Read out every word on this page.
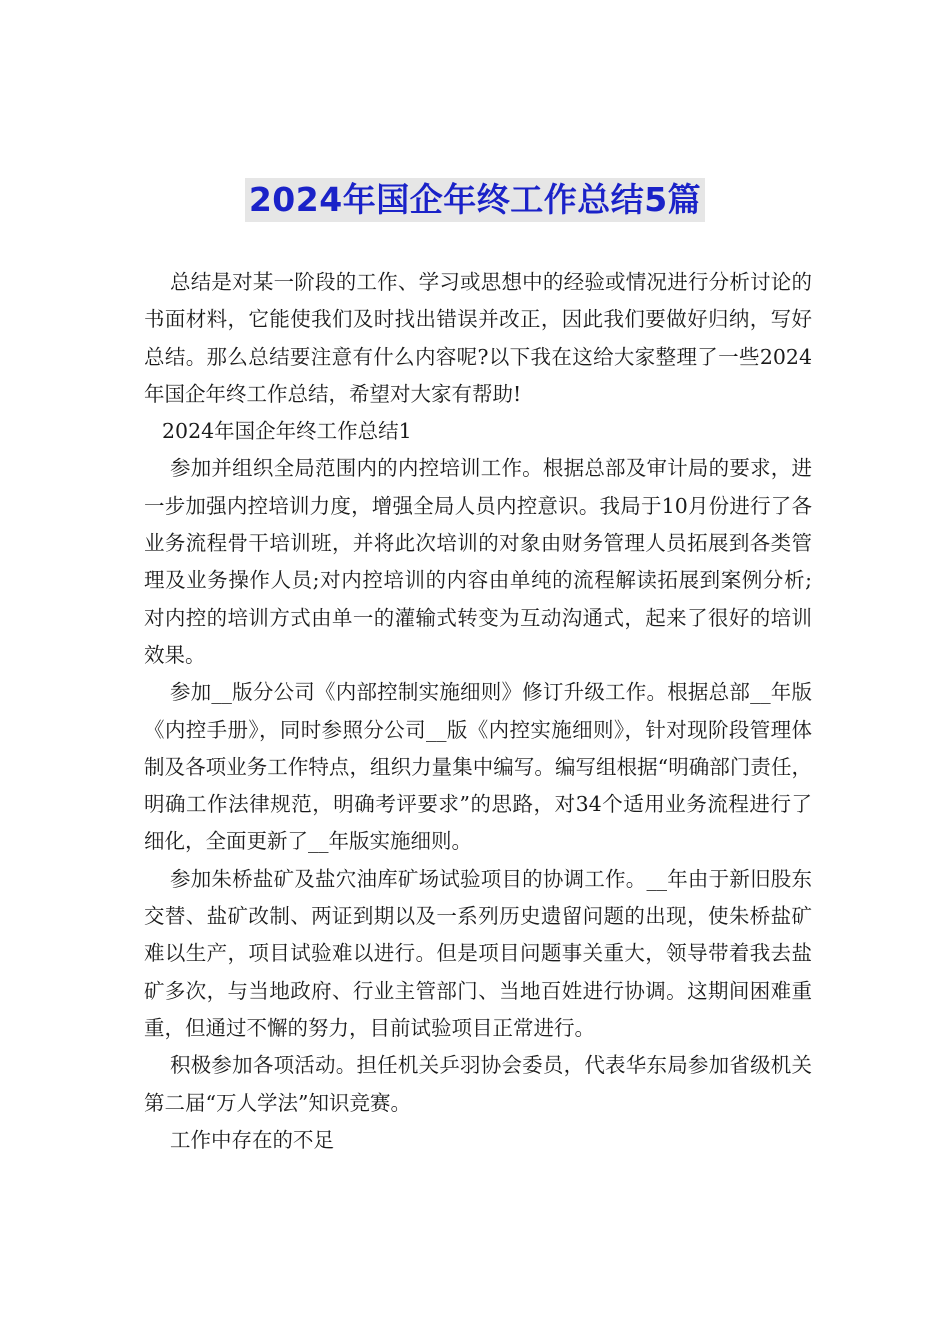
2024年国企年终工作总结5篇

总结是对某一阶段的工作、学习或思想中的经验或情况进行分析讨论的书面材料，它能使我们及时找出错误并改正，因此我们要做好归纳，写好总结。那么总结要注意有什么内容呢?以下我在这给大家整理了一些2024年国企年终工作总结，希望对大家有帮助!

2024年国企年终工作总结1

参加并组织全局范围内的内控培训工作。根据总部及审计局的要求，进一步加强内控培训力度，增强全局人员内控意识。我局于10月份进行了各业务流程骨干培训班，并将此次培训的对象由财务管理人员拓展到各类管理及业务操作人员;对内控培训的内容由单纯的流程解读拓展到案例分析;对内控的培训方式由单一的灌输式转变为互动沟通式，起来了很好的培训效果。

参加__版分公司《内部控制实施细则》修订升级工作。根据总部__年版《内控手册》，同时参照分公司__版《内控实施细则》，针对现阶段管理体制及各项业务工作特点，组织力量集中编写。编写组根据“明确部门责任，明确工作法律规范，明确考评要求”的思路，对34个适用业务流程进行了细化，全面更新了__年版实施细则。

参加朱桥盐矿及盐穴油库矿场试验项目的协调工作。__年由于新旧股东交替、盐矿改制、两证到期以及一系列历史遗留问题的出现，使朱桥盐矿难以生产，项目试验难以进行。但是项目问题事关重大，领导带着我去盐矿多次，与当地政府、行业主管部门、当地百姓进行协调。这期间困难重重，但通过不懈的努力，目前试验项目正常进行。

积极参加各项活动。担任机关乒羽协会委员，代表华东局参加省级机关第二届“万人学法”知识竞赛。

工作中存在的不足
